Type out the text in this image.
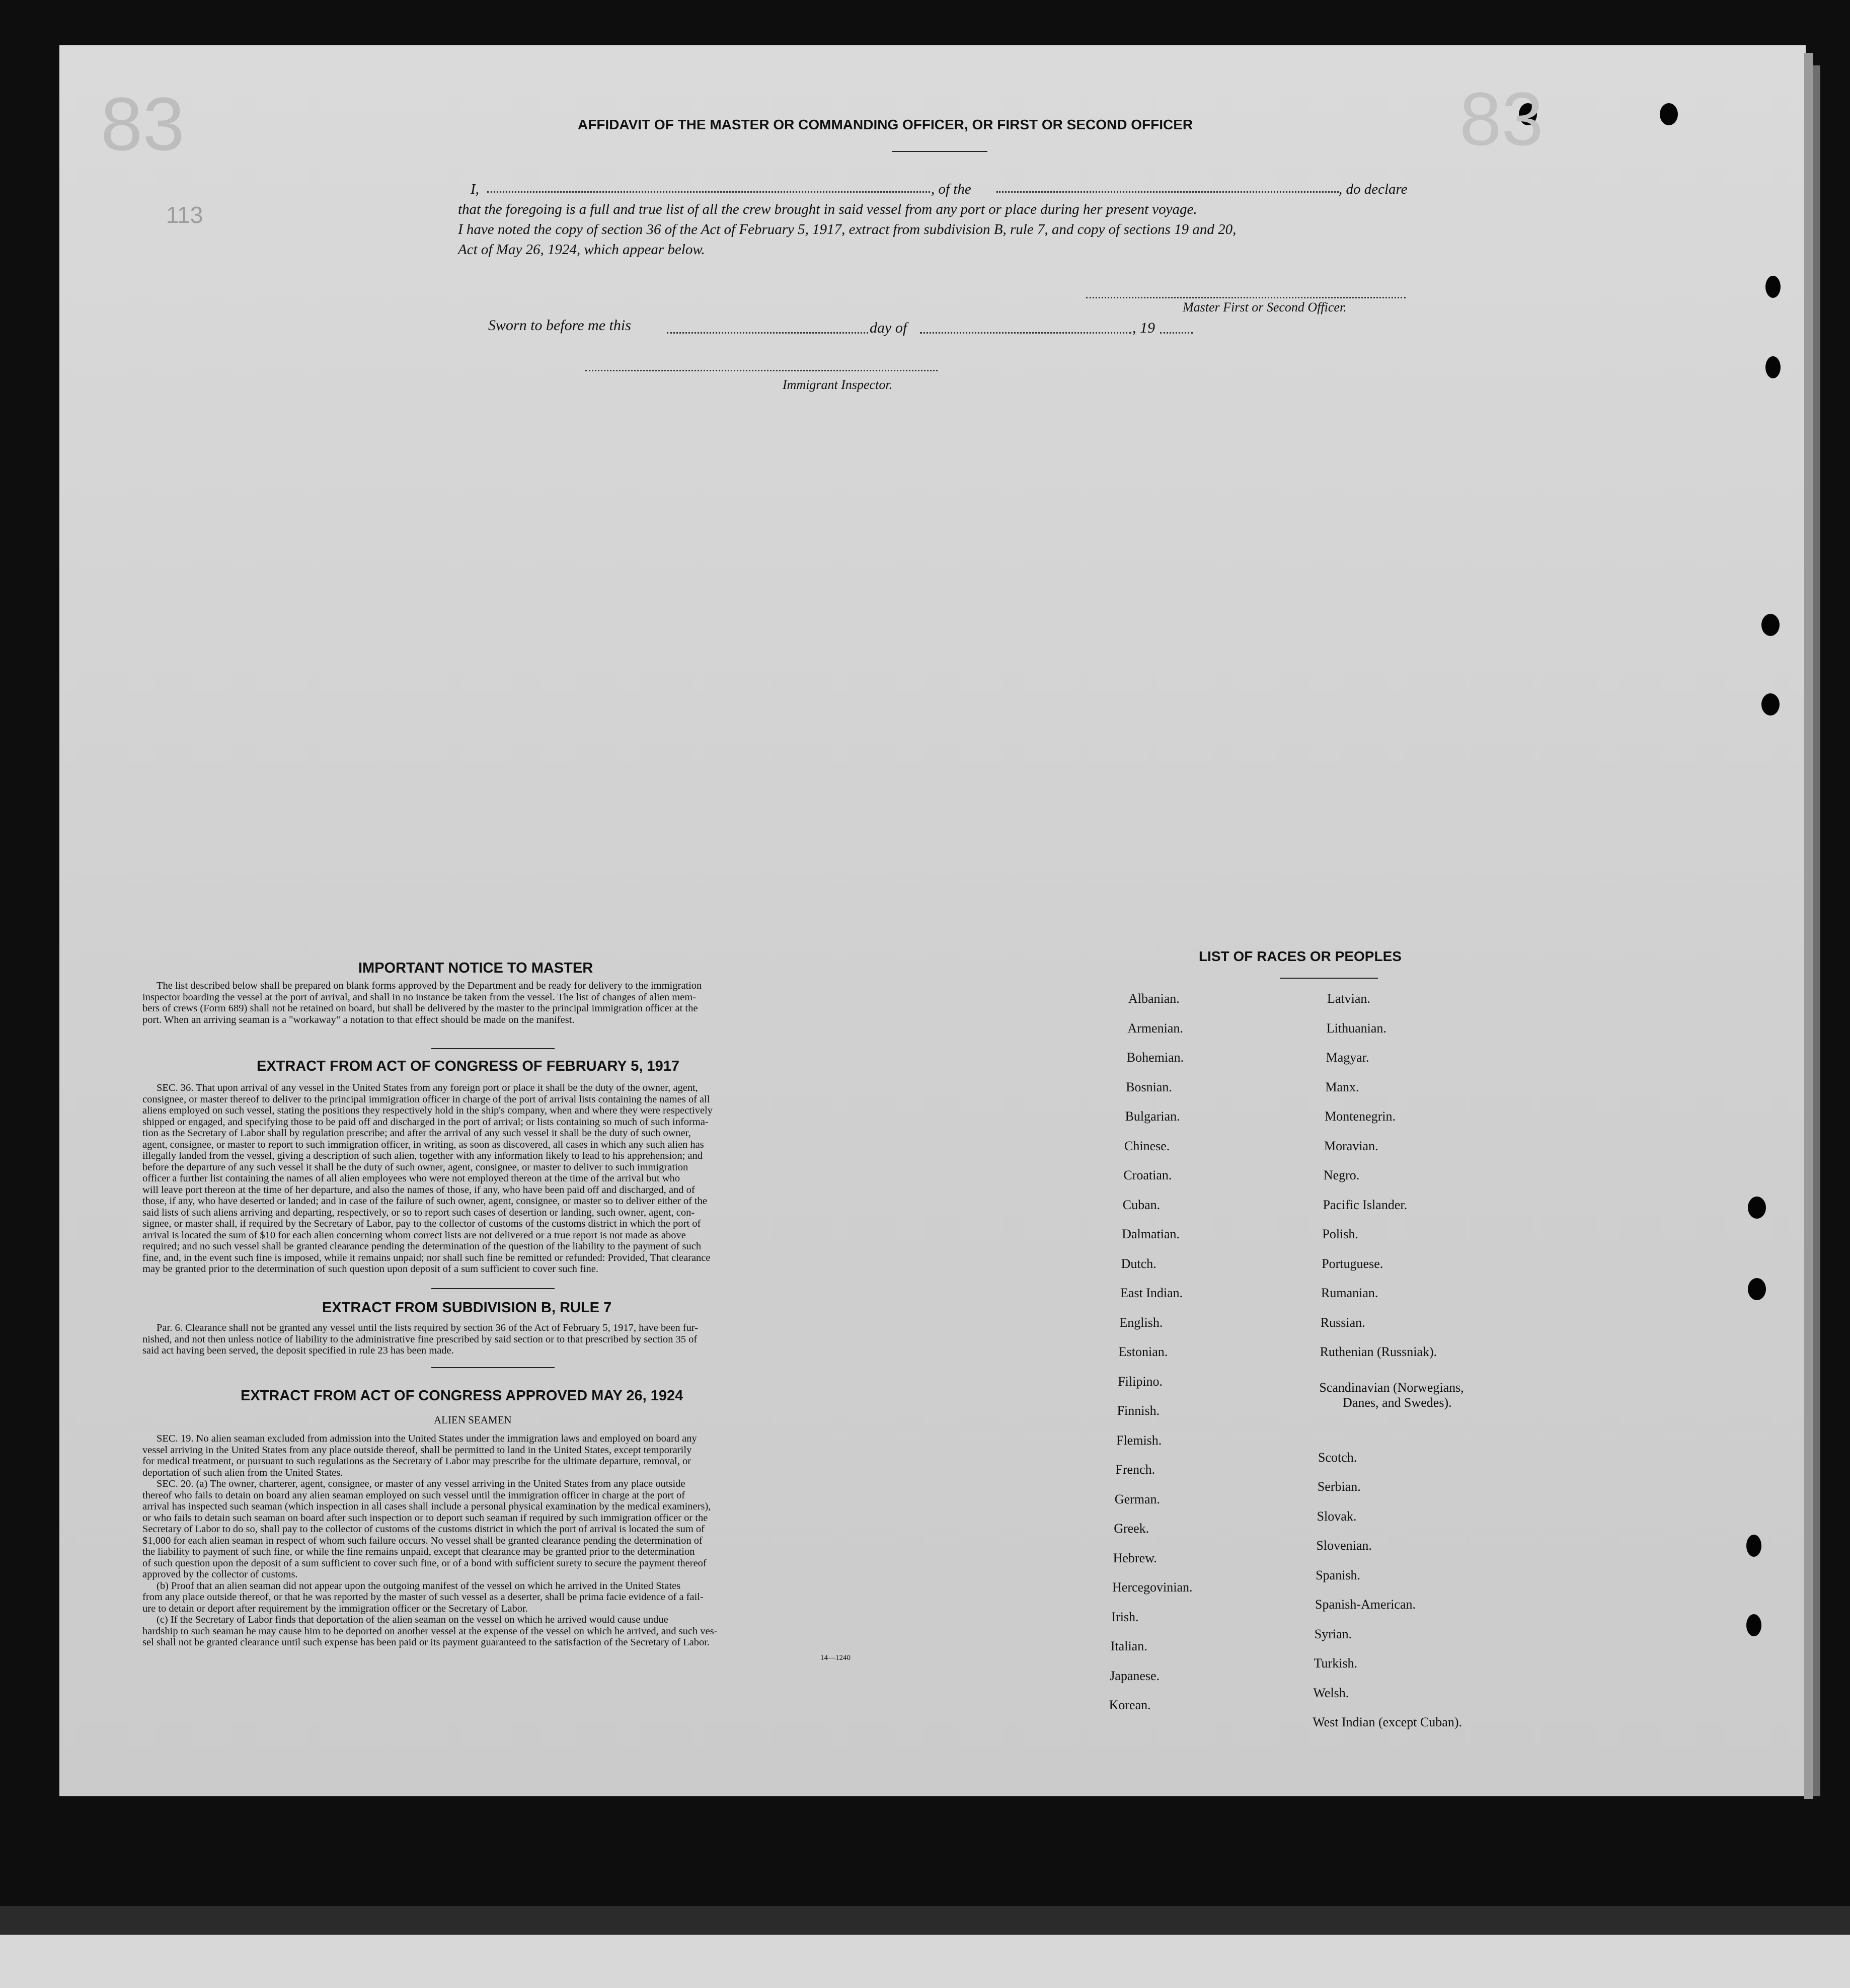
83	83
113
AFFIDAVIT OF THE MASTER OR COMMANDING OFFICER, OR FIRST OR SECOND OFFICER
I,	, of the	, do declare
that the foregoing is a full and true list of all the crew brought in said vessel from any port or place during her present voyage.
I have noted the copy of section 36 of the Act of February 5, 1917, extract from subdivision B, rule 7, and copy of sections 19 and 20,
Act of May 26, 1924, which appear below.
Master First or Second Officer.
Sworn to before me this	day of	, 19
Immigrant Inspector.
IMPORTANT NOTICE TO MASTER

The list described below shall be prepared on blank forms approved by the Department and be ready for delivery to the immigration

inspector boarding the vessel at the port of arrival, and shall in no instance be taken from the vessel. The list of changes of alien mem-

bers of crews (Form 689) shall not be retained on board, but shall be delivered by the master to the principal immigration officer at the

port. When an arriving seaman is a "workaway" a notation to that effect should be made on the manifest.

EXTRACT FROM ACT OF CONGRESS OF FEBRUARY 5, 1917

SEC. 36. That upon arrival of any vessel in the United States from any foreign port or place it shall be the duty of the owner, agent,

consignee, or master thereof to deliver to the principal immigration officer in charge of the port of arrival lists containing the names of all

aliens employed on such vessel, stating the positions they respectively hold in the ship's company, when and where they were respectively

shipped or engaged, and specifying those to be paid off and discharged in the port of arrival; or lists containing so much of such informa-

tion as the Secretary of Labor shall by regulation prescribe; and after the arrival of any such vessel it shall be the duty of such owner,

agent, consignee, or master to report to such immigration officer, in writing, as soon as discovered, all cases in which any such alien has

illegally landed from the vessel, giving a description of such alien, together with any information likely to lead to his apprehension; and

before the departure of any such vessel it shall be the duty of such owner, agent, consignee, or master to deliver to such immigration

officer a further list containing the names of all alien employees who were not employed thereon at the time of the arrival but who

will leave port thereon at the time of her departure, and also the names of those, if any, who have been paid off and discharged, and of

those, if any, who have deserted or landed; and in case of the failure of such owner, agent, consignee, or master so to deliver either of the

said lists of such aliens arriving and departing, respectively, or so to report such cases of desertion or landing, such owner, agent, con-

signee, or master shall, if required by the Secretary of Labor, pay to the collector of customs of the customs district in which the port of

arrival is located the sum of $10 for each alien concerning whom correct lists are not delivered or a true report is not made as above

required; and no such vessel shall be granted clearance pending the determination of the question of the liability to the payment of such

fine, and, in the event such fine is imposed, while it remains unpaid; nor shall such fine be remitted or refunded: Provided, That clearance

may be granted prior to the determination of such question upon deposit of a sum sufficient to cover such fine.

EXTRACT FROM SUBDIVISION B, RULE 7

Par. 6. Clearance shall not be granted any vessel until the lists required by section 36 of the Act of February 5, 1917, have been fur-

nished, and not then unless notice of liability to the administrative fine prescribed by said section or to that prescribed by section 35 of

said act having been served, the deposit specified in rule 23 has been made.

EXTRACT FROM ACT OF CONGRESS APPROVED MAY 26, 1924
ALIEN SEAMEN

SEC. 19. No alien seaman excluded from admission into the United States under the immigration laws and employed on board any

vessel arriving in the United States from any place outside thereof, shall be permitted to land in the United States, except temporarily

for medical treatment, or pursuant to such regulations as the Secretary of Labor may prescribe for the ultimate departure, removal, or

deportation of such alien from the United States.

SEC. 20. (a) The owner, charterer, agent, consignee, or master of any vessel arriving in the United States from any place outside

thereof who fails to detain on board any alien seaman employed on such vessel until the immigration officer in charge at the port of

arrival has inspected such seaman (which inspection in all cases shall include a personal physical examination by the medical examiners),

or who fails to detain such seaman on board after such inspection or to deport such seaman if required by such immigration officer or the

Secretary of Labor to do so, shall pay to the collector of customs of the customs district in which the port of arrival is located the sum of

$1,000 for each alien seaman in respect of whom such failure occurs. No vessel shall be granted clearance pending the determination of

the liability to payment of such fine, or while the fine remains unpaid, except that clearance may be granted prior to the determination

of such question upon the deposit of a sum sufficient to cover such fine, or of a bond with sufficient surety to secure the payment thereof

approved by the collector of customs.

(b) Proof that an alien seaman did not appear upon the outgoing manifest of the vessel on which he arrived in the United States

from any place outside thereof, or that he was reported by the master of such vessel as a deserter, shall be prima facie evidence of a fail-

ure to detain or deport after requirement by the immigration officer or the Secretary of Labor.

(c) If the Secretary of Labor finds that deportation of the alien seaman on the vessel on which he arrived would cause undue

hardship to such seaman he may cause him to be deported on another vessel at the expense of the vessel on which he arrived, and such ves-

sel shall not be granted clearance until such expense has been paid or its payment guaranteed to the satisfaction of the Secretary of Labor.

14—1240
LIST OF RACES OR PEOPLES
Albanian.
Armenian.
Bohemian.
Bosnian.
Bulgarian.
Chinese.
Croatian.
Cuban.
Dalmatian.
Dutch.
East Indian.
English.
Estonian.
Filipino.
Finnish.
Flemish.
French.
German.
Greek.
Hebrew.
Hercegovinian.
Irish.
Italian.
Japanese.
Korean.
Latvian.
Lithuanian.
Magyar.
Manx.
Montenegrin.
Moravian.
Negro.
Pacific Islander.
Polish.
Portuguese.
Rumanian.
Russian.
Ruthenian (Russniak).
Scandinavian (Norwegians,
Danes, and Swedes).
Scotch.
Serbian.
Slovak.
Slovenian.
Spanish.
Spanish-American.
Syrian.
Turkish.
Welsh.
West Indian (except Cuban).
